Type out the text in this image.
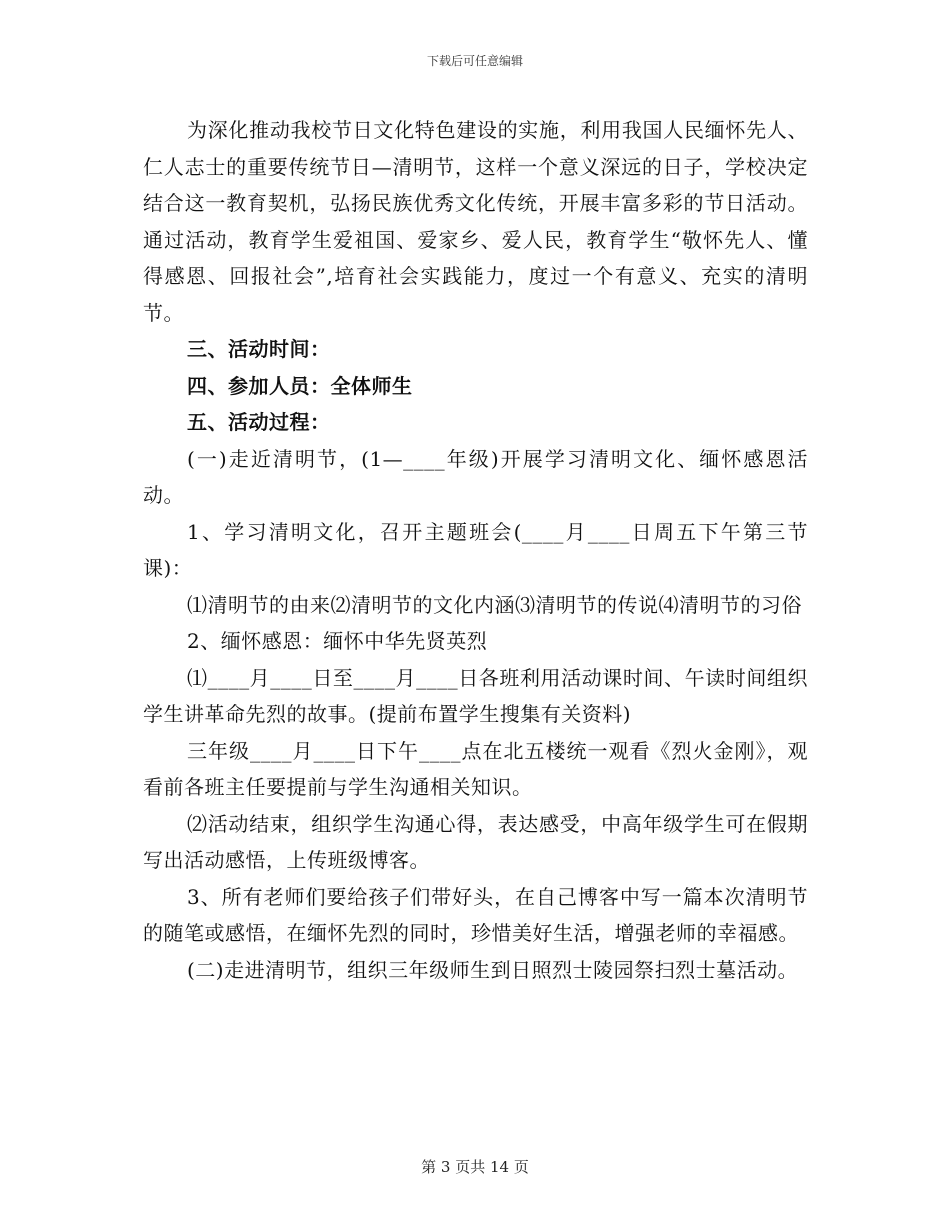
下载后可任意编辑

为深化推动我校节日文化特色建设的实施，利用我国人民缅怀先人、仁人志士的重要传统节日—清明节，这样一个意义深远的日子，学校决定结合这一教育契机，弘扬民族优秀文化传统，开展丰富多彩的节日活动。通过活动，教育学生爱祖国、爱家乡、爱人民，教育学生“敬怀先人、懂得感恩、回报社会”,培育社会实践能力，度过一个有意义、充实的清明节。

三、活动时间：

四、参加人员：全体师生

五、活动过程：

(一)走近清明节，(1—____年级)开展学习清明文化、缅怀感恩活动。

1、学习清明文化，召开主题班会(____月____日周五下午第三节课)：

⑴清明节的由来⑵清明节的文化内涵⑶清明节的传说⑷清明节的习俗

2、缅怀感恩：缅怀中华先贤英烈

⑴____月____日至____月____日各班利用活动课时间、午读时间组织学生讲革命先烈的故事。(提前布置学生搜集有关资料)

三年级____月____日下午____点在北五楼统一观看《烈火金刚》，观看前各班主任要提前与学生沟通相关知识。

⑵活动结束，组织学生沟通心得，表达感受，中高年级学生可在假期写出活动感悟，上传班级博客。

3、所有老师们要给孩子们带好头，在自己博客中写一篇本次清明节的随笔或感悟，在缅怀先烈的同时，珍惜美好生活，增强老师的幸福感。

(二)走进清明节，组织三年级师生到日照烈士陵园祭扫烈士墓活动。

第 3 页共 14 页
